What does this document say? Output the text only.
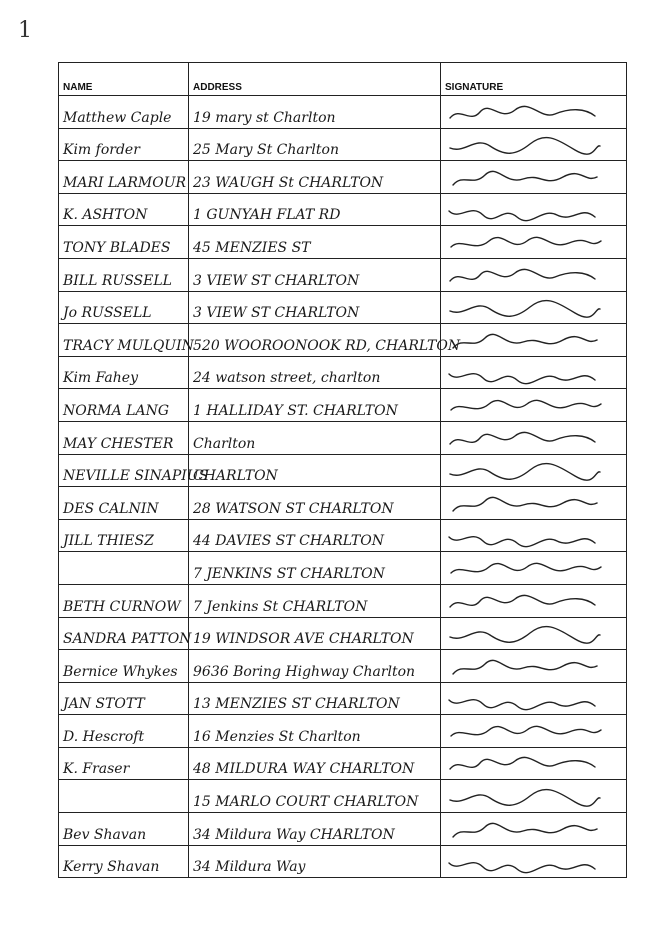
1
NAME	ADDRESS	SIGNATURE
Matthew Caple	19 mary st Charlton	

Kim forder	25 Mary St Charlton	

MARI LARMOUR	23 WAUGH St CHARLTON	

K. ASHTON	1 GUNYAH FLAT RD	

TONY BLADES	45 MENZIES ST	

BILL RUSSELL	3 VIEW ST CHARLTON	

Jo RUSSELL	3 VIEW ST CHARLTON	

TRACY MULQUIN	520 WOOROONOOK RD, CHARLTON	

Kim Fahey	24 watson street, charlton	

NORMA LANG	1 HALLIDAY ST. CHARLTON	

MAY CHESTER	Charlton	

NEVILLE SINAPIUS	CHARLTON	

DES CALNIN	28 WATSON ST CHARLTON	

JILL THIESZ	44 DAVIES ST CHARLTON	

	7 JENKINS ST CHARLTON	

BETH CURNOW	7 Jenkins St CHARLTON	

SANDRA PATTON	19 WINDSOR AVE CHARLTON	

Bernice Whykes	9636 Boring Highway Charlton	

JAN STOTT	13 MENZIES ST CHARLTON	

D. Hescroft	16 Menzies St Charlton	

K. Fraser	48 MILDURA WAY CHARLTON	

	15 MARLO COURT CHARLTON	

Bev Shavan	34 Mildura Way CHARLTON	

Kerry Shavan	34 Mildura Way	
